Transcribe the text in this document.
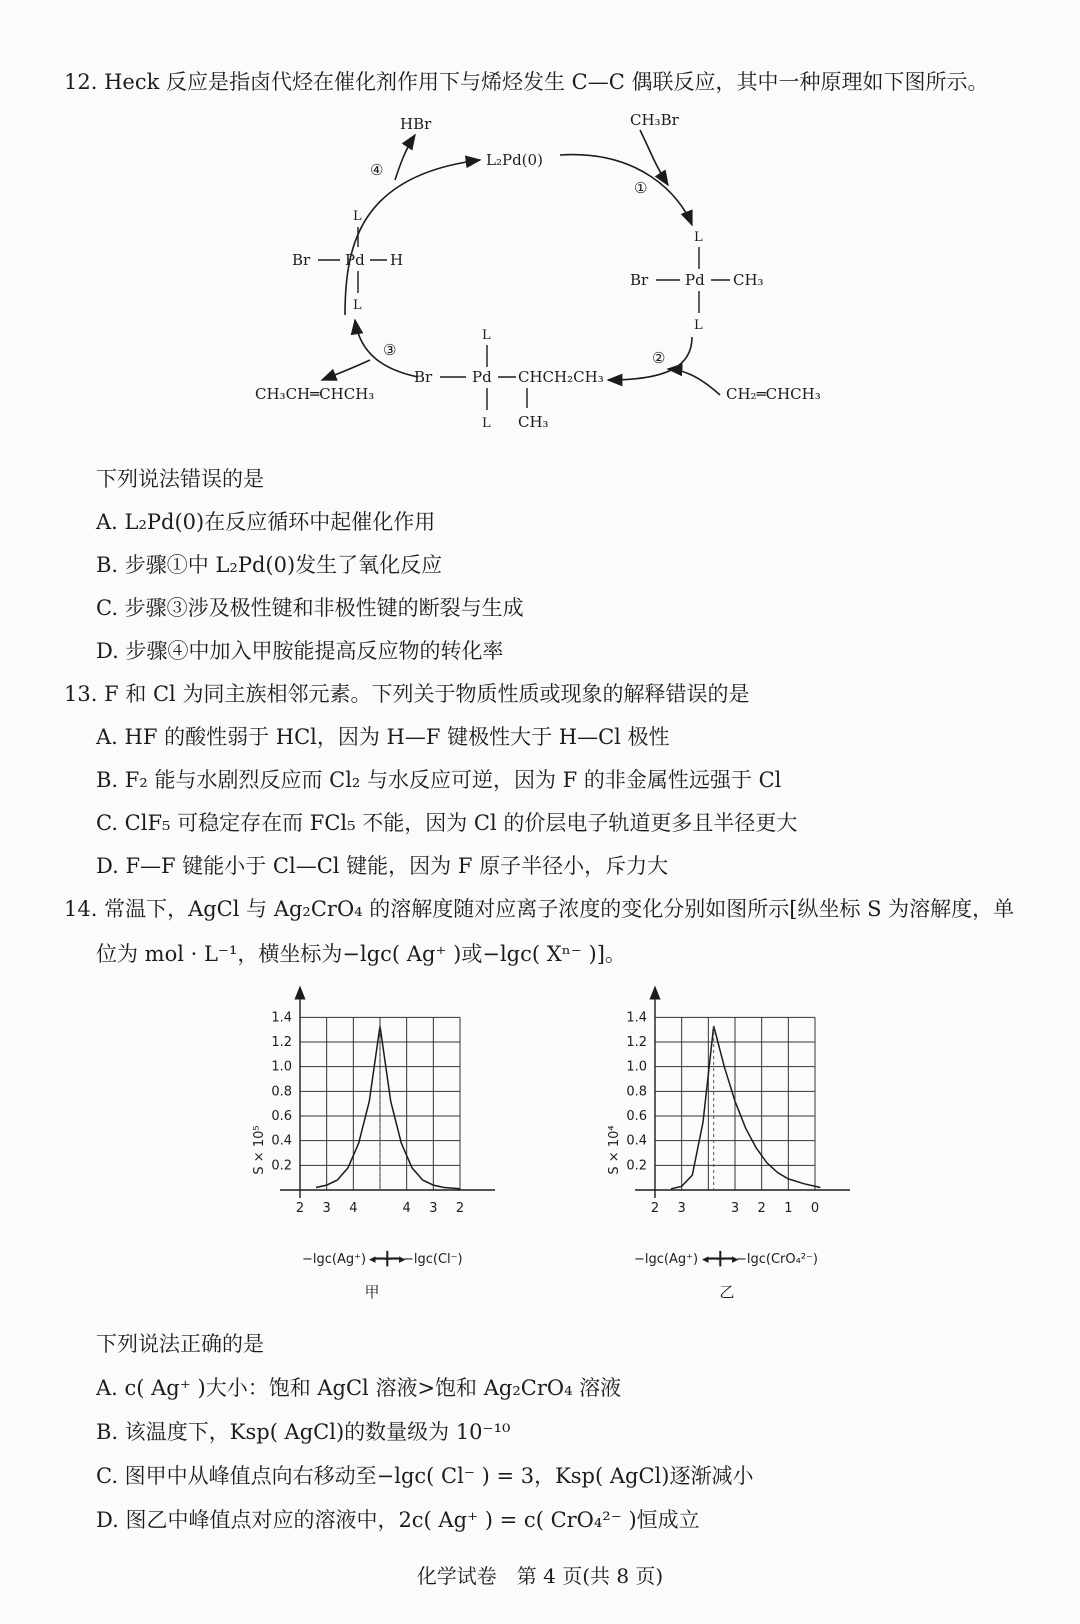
12. Heck 反应是指卤代烃在催化剂作用下与烯烃发生 C—C 偶联反应，其中一种原理如下图所示。
HBr
L₂Pd(0)
CH₃Br
④
①
②
③
L
Br Pd H
L
L
Br Pd CH₃
L
L
Br	Pd CHCH₂CH₃
L CH₃
CH₂═CHCH₃
CH₃CH═CHCH₃
下列说法错误的是
A. L₂Pd(0)在反应循环中起催化作用
B. 步骤①中 L₂Pd(0)发生了氧化反应
C. 步骤③涉及极性键和非极性键的断裂与生成
D. 步骤④中加入甲胺能提高反应物的转化率
13. F 和 Cl 为同主族相邻元素。下列关于物质性质或现象的解释错误的是
A. HF 的酸性弱于 HCl，因为 H—F 键极性大于 H—Cl 极性
B. F₂ 能与水剧烈反应而 Cl₂ 与水反应可逆，因为 F 的非金属性远强于 Cl
C. ClF₅ 可稳定存在而 FCl₅ 不能，因为 Cl 的价层电子轨道更多且半径更大
D. F—F 键能小于 Cl—Cl 键能，因为 F 原子半径小，斥力大
14. 常温下，AgCl 与 Ag₂CrO₄ 的溶解度随对应离子浓度的变化分别如图所示[纵坐标 S 为溶解度，单
位为 mol · L⁻¹，横坐标为−lgc( Ag⁺ )或−lgc( Xⁿ⁻ )]。
0.2
0.4
0.6
0.8
1.0
1.2
1.4
2 3 4	4 3 2
S × 10⁵
−lgc(Ag⁺)	−lgc(Cl⁻)
◂━╋━▸
甲
0.2
0.4
0.6
0.8
1.0
1.2
1.4
2 3	3 2 1 0
S × 10⁴
−lgc(Ag⁺)	−lgc(CrO₄²⁻)
◂━╋━▸
乙
下列说法正确的是
A. c( Ag⁺ )大小：饱和 AgCl 溶液>饱和 Ag₂CrO₄ 溶液
B. 该温度下，Ksp( AgCl)的数量级为 10⁻¹⁰
C. 图甲中从峰值点向右移动至−lgc( Cl⁻ ) = 3，Ksp( AgCl)逐渐减小
D. 图乙中峰值点对应的溶液中，2c( Ag⁺ ) = c( CrO₄²⁻ )恒成立
化学试卷　第 4 页(共 8 页)
